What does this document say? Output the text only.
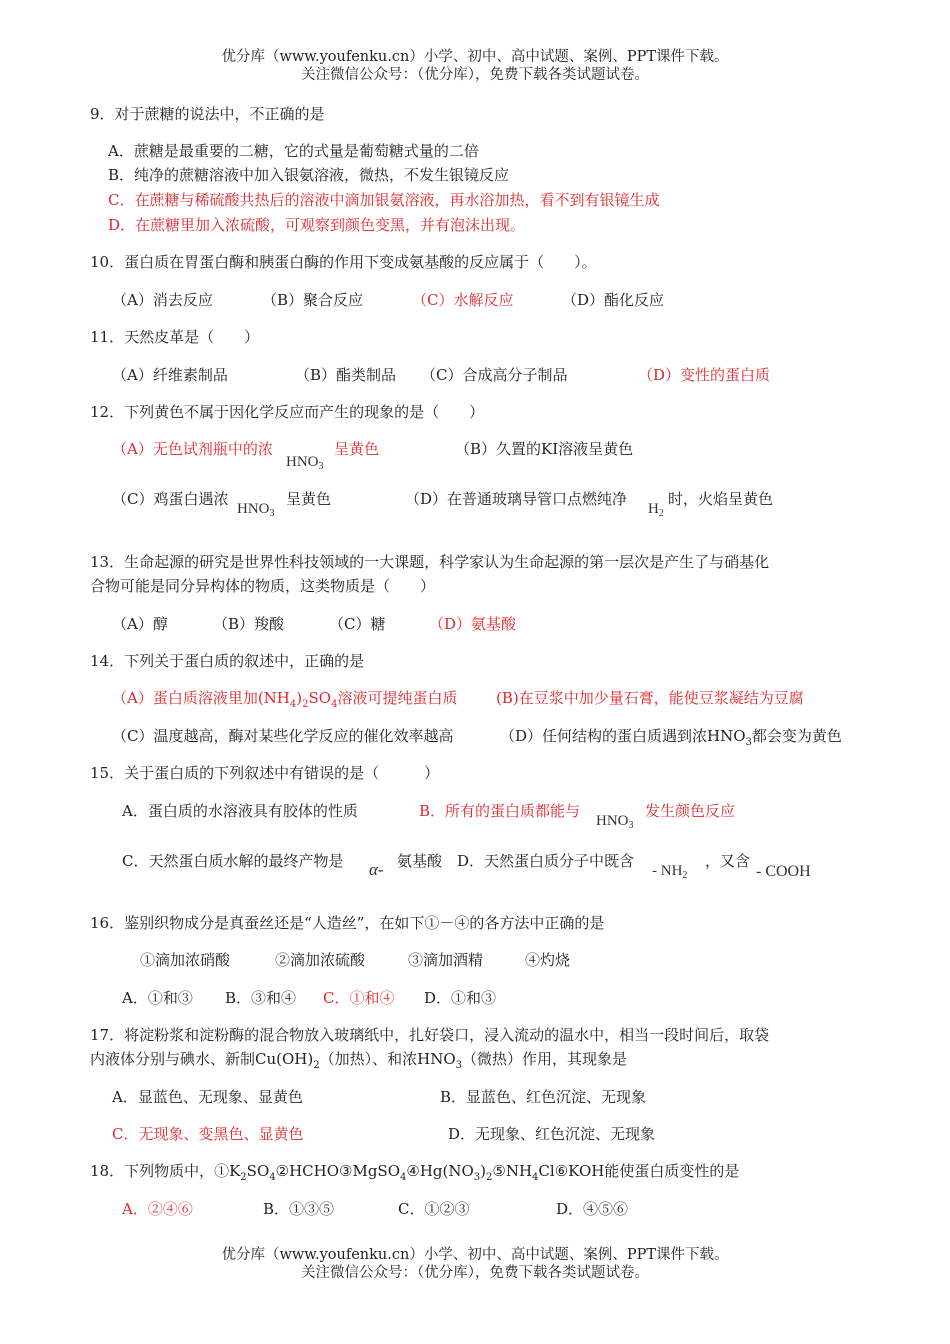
优分库（www.youfenku.cn）小学、初中、高中试题、案例、PPT课件下载。
关注微信公众号：（优分库），免费下载各类试题试卷。
9．对于蔗糖的说法中，不正确的是
A．蔗糖是最重要的二糖，它的式量是葡萄糖式量的二倍
B．纯净的蔗糖溶液中加入银氨溶液，微热，不发生银镜反应
C．在蔗糖与稀硫酸共热后的溶液中滴加银氨溶液，再水浴加热，看不到有银镜生成
D．在蔗糖里加入浓硫酸，可观察到颜色变黑，并有泡沫出现。
10．蛋白质在胃蛋白酶和胰蛋白酶的作用下变成氨基酸的反应属于（　　）。
（A）消去反应	（B）聚合反应	（C）水解反应	（D）酯化反应
11．天然皮革是（　　）
（A）纤维素制品	（B）酯类制品 （C）合成高分子制品	（D）变性的蛋白质
12．下列黄色不属于因化学反应而产生的现象的是（　　）
（A）无色试剂瓶中的浓
$HNO_3$
呈黄色	（B）久置的KI溶液呈黄色
（C）鸡蛋白遇浓
$HNO_3$
呈黄色	（D）在普通玻璃导管口点燃纯净
$H_2$
时，火焰呈黄色
13．生命起源的研究是世界性科技领域的一大课题，科学家认为生命起源的第一层次是产生了与硝基化
合物可能是同分异构体的物质，这类物质是（　　）
（A）醇	（B）羧酸	（C）糖	（D）氨基酸
14．下列关于蛋白质的叙述中，正确的是
（A）蛋白质溶液里加$(NH_4)_2SO_4$溶液可提纯蛋白质	(B)在豆浆中加少量石膏，能使豆浆凝结为豆腐
（C）温度越高，酶对某些化学反应的催化效率越高	（D）任何结构的蛋白质遇到浓$HNO_3$都会变为黄色
15．关于蛋白质的下列叙述中有错误的是（　　　）
A．蛋白质的水溶液具有胶体的性质	B．所有的蛋白质都能与
$HNO_3$
发生颜色反应
C．天然蛋白质水解的最终产物是 α- 氨基酸 D．天然蛋白质分子中既含
- $NH_2$
，又含
- COOH
16．鉴别织物成分是真蚕丝还是“人造丝”，在如下①－④的各方法中正确的是
①滴加浓硝酸	②滴加浓硫酸	③滴加酒精	④灼烧
A．①和③ B．③和④ C．①和④ D．①和③
17．将淀粉浆和淀粉酶的混合物放入玻璃纸中，扎好袋口，浸入流动的温水中，相当一段时间后，取袋
内液体分别与碘水、新制$Cu(OH)_2$（加热）、和浓$HNO_3$（微热）作用，其现象是
A．显蓝色、无现象、显黄色	B．显蓝色、红色沉淀、无现象
C．无现象、变黑色、显黄色	D．无现象、红色沉淀、无现象
18．下列物质中，$①K_2SO_4②HCHO③MgSO_4④Hg(NO_3)_2⑤NH_4Cl⑥KOH$能使蛋白质变性的是
A．②④⑥	B．①③⑤	C．①②③	D．④⑤⑥
优分库（www.youfenku.cn）小学、初中、高中试题、案例、PPT课件下载。
关注微信公众号：（优分库），免费下载各类试题试卷。
